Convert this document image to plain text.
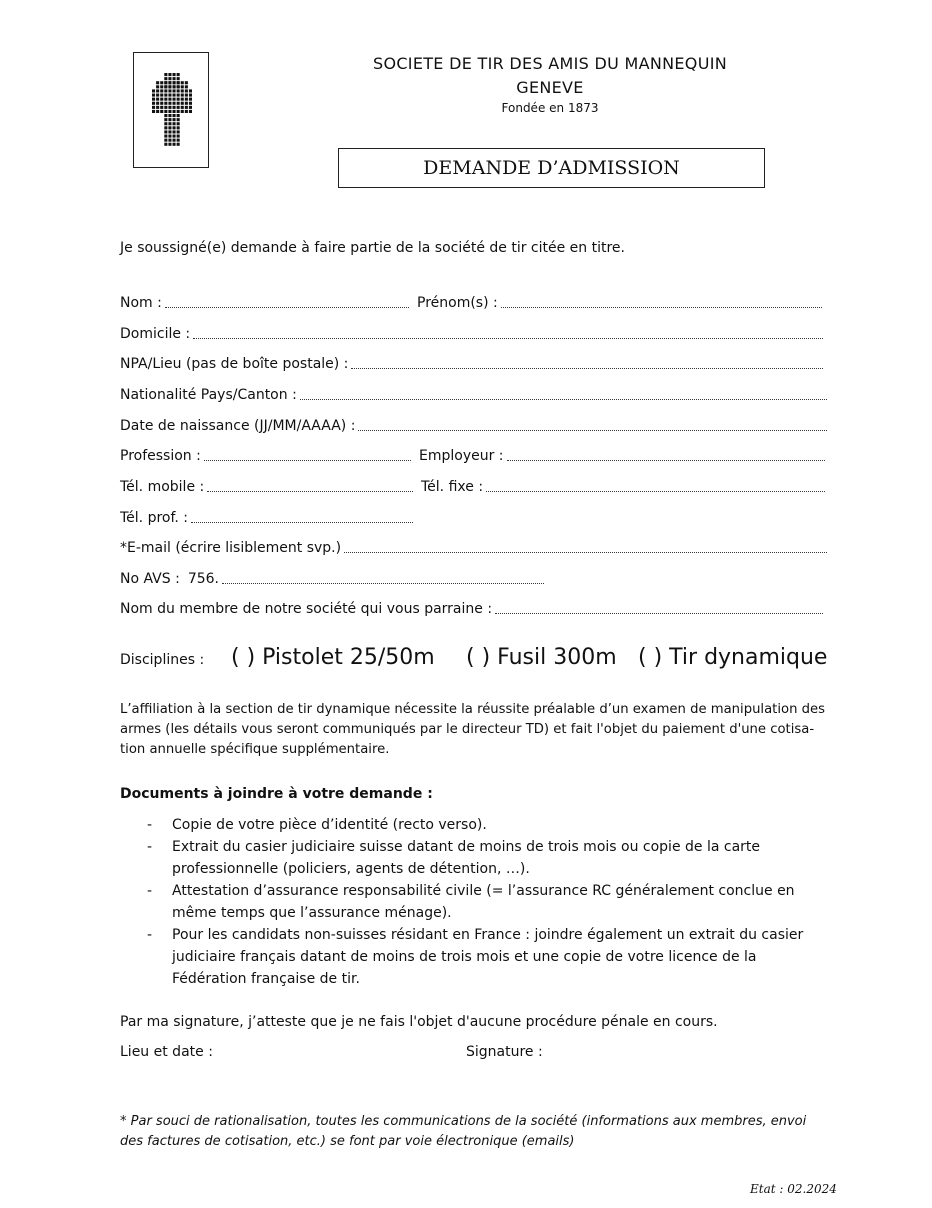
SOCIETE DE TIR DES AMIS DU MANNEQUIN
GENEVE
Fondée en 1873
DEMANDE D’ADMISSION
Je soussigné(e) demande à faire partie de la société de tir citée en titre.
Nom :	Prénom(s) :
Domicile :
NPA/Lieu (pas de boîte postale) :
Nationalité Pays/Canton :
Date de naissance (JJ/MM/AAAA) :
Profession :	Employeur :
Tél. mobile :	Tél. fixe :
Tél. prof. :
*E-mail (écrire lisiblement svp.)
No AVS : 756.
Nom du membre de notre société qui vous parraine :
Disciplines : ( ) Pistolet 25/50m ( ) Fusil 300m ( ) Tir dynamique
L’affiliation à la section de tir dynamique nécessite la réussite préalable d’un examen de manipulation des
armes (les détails vous seront communiqués par le directeur TD) et fait l'objet du paiement d'une cotisa-
tion annuelle spécifique supplémentaire.
Documents à joindre à votre demande :
- Copie de votre pièce d’identité (recto verso).
- Extrait du casier judiciaire suisse datant de moins de trois mois ou copie de la carte
professionnelle (policiers, agents de détention, …).
- Attestation d’assurance responsabilité civile (= l’assurance RC généralement conclue en
même temps que l’assurance ménage).
- Pour les candidats non-suisses résidant en France : joindre également un extrait du casier
judiciaire français datant de moins de trois mois et une copie de votre licence de la
Fédération française de tir.
Par ma signature, j’atteste que je ne fais l'objet d'aucune procédure pénale en cours.
Lieu et date :	Signature :
* Par souci de rationalisation, toutes les communications de la société (informations aux membres, envoi
des factures de cotisation, etc.) se font par voie électronique (emails)
Etat : 02.2024
